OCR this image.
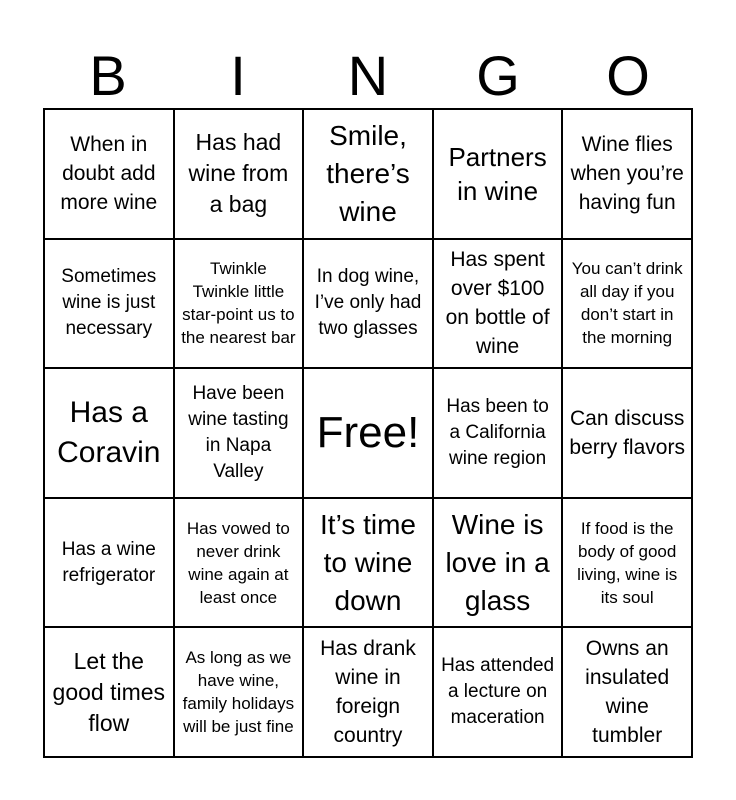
B	I	N	G	O
When in doubt add more wine
Has had wine from a bag
Smile, there’s wine
Partners in wine
Wine flies when you’re having fun
Sometimes wine is just necessary
Twinkle Twinkle little star-point us to the nearest bar
In dog wine, I’ve only had two glasses
Has spent over $100 on bottle of wine
You can’t drink all day if you don’t start in the morning
Has a Coravin
Have been wine tasting in Napa Valley
Free!
Has been to a California wine region
Can discuss berry flavors
Has a wine refrigerator
Has vowed to never drink wine again at least once
It’s time to wine down
Wine is love in a glass
If food is the body of good living, wine is its soul
Let the good times flow
As long as we have wine, family holidays will be just fine
Has drank wine in foreign country
Has attended a lecture on maceration
Owns an insulated wine tumbler
